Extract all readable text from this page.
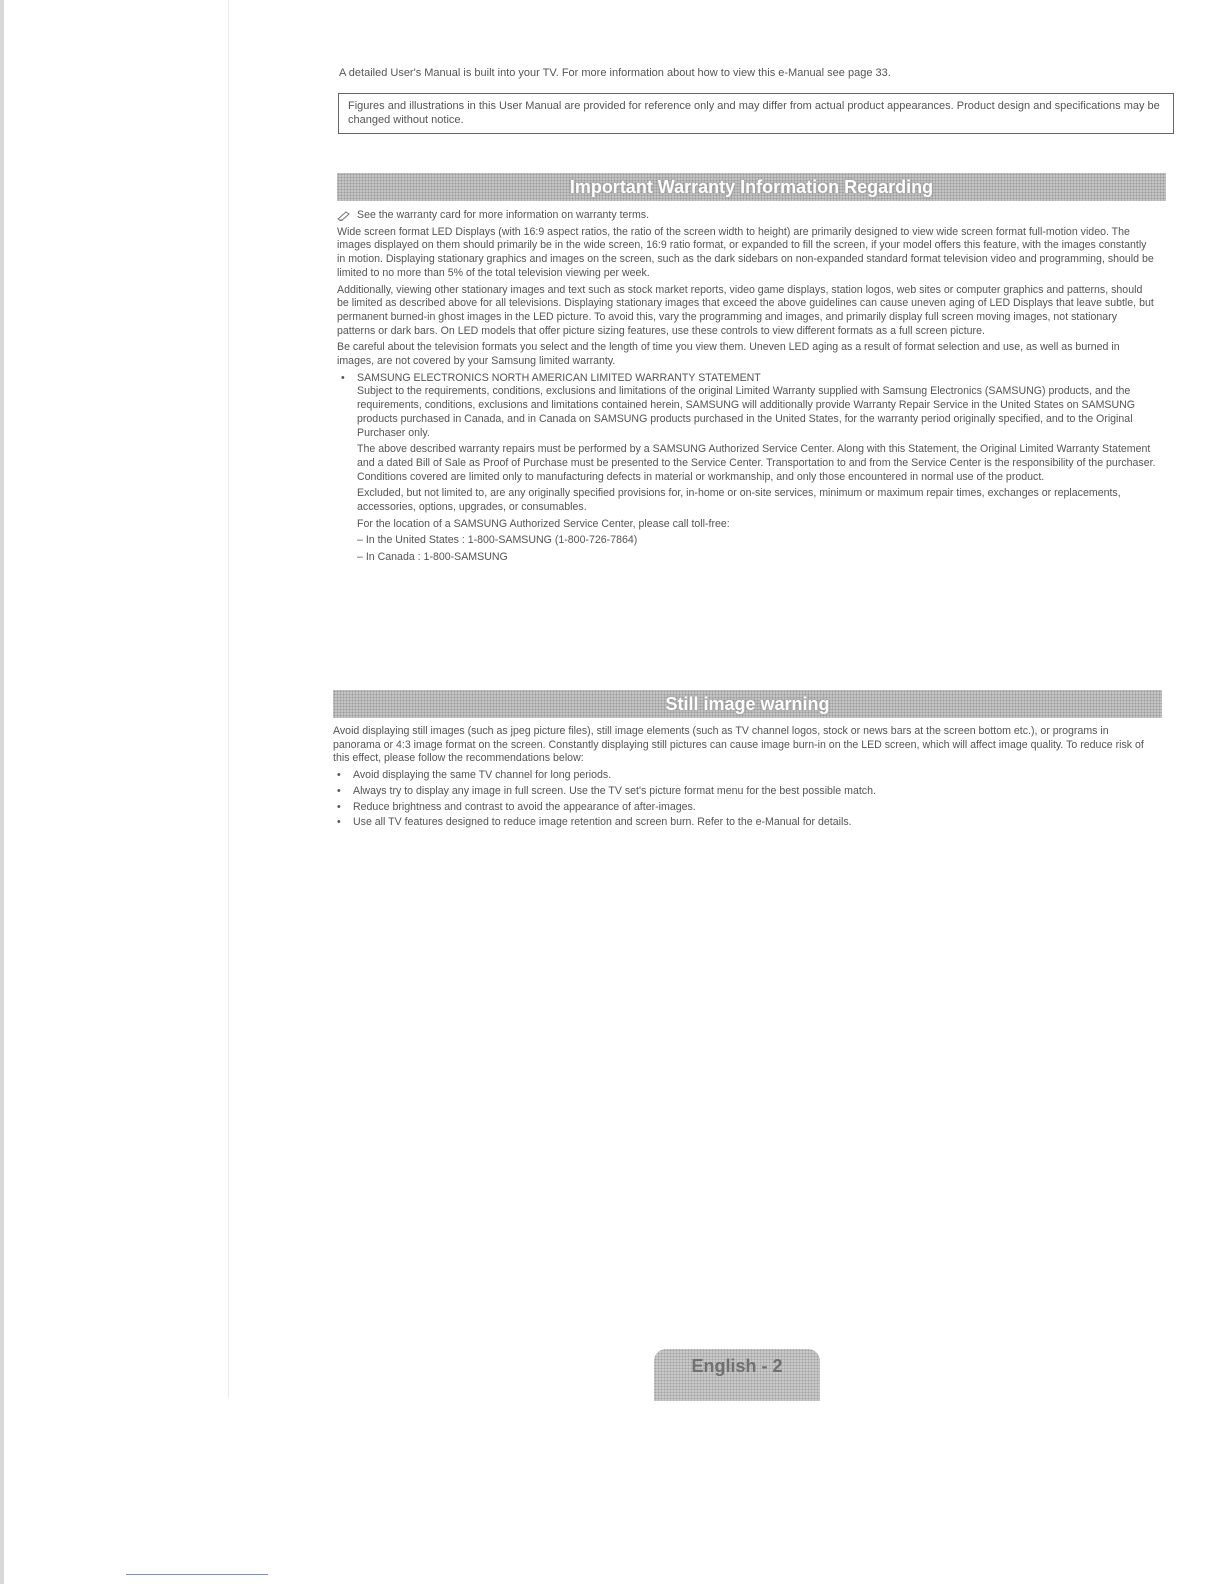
A detailed User's Manual is built into your TV. For more information about how to view this e-Manual see page 33.
Figures and illustrations in this User Manual are provided for reference only and may differ from actual product appearances. Product design and specifications may be changed without notice.
Important Warranty Information Regarding

See the warranty card for more information on warranty terms.

Wide screen format LED Displays (with 16:9 aspect ratios, the ratio of the screen width to height) are primarily designed to view wide screen format full-motion video. The images displayed on them should primarily be in the wide screen, 16:9 ratio format, or expanded to fill the screen, if your model offers this feature, with the images constantly in motion. Displaying stationary graphics and images on the screen, such as the dark sidebars on non-expanded standard format television video and programming, should be limited to no more than 5% of the total television viewing per week.

Additionally, viewing other stationary images and text such as stock market reports, video game displays, station logos, web sites or computer graphics and patterns, should be limited as described above for all televisions. Displaying stationary images that exceed the above guidelines can cause uneven aging of LED Displays that leave subtle, but permanent burned-in ghost images in the LED picture. To avoid this, vary the programming and images, and primarily display full screen moving images, not stationary patterns or dark bars. On LED models that offer picture sizing features, use these controls to view different formats as a full screen picture.

Be careful about the television formats you select and the length of time you view them. Uneven LED aging as a result of format selection and use, as well as burned in images, are not covered by your Samsung limited warranty.

• SAMSUNG ELECTRONICS NORTH AMERICAN LIMITED WARRANTY STATEMENT

Subject to the requirements, conditions, exclusions and limitations of the original Limited Warranty supplied with Samsung Electronics (SAMSUNG) products, and the requirements, conditions, exclusions and limitations contained herein, SAMSUNG will additionally provide Warranty Repair Service in the United States on SAMSUNG products purchased in Canada, and in Canada on SAMSUNG products purchased in the United States, for the warranty period originally specified, and to the Original Purchaser only.

The above described warranty repairs must be performed by a SAMSUNG Authorized Service Center. Along with this Statement, the Original Limited Warranty Statement and a dated Bill of Sale as Proof of Purchase must be presented to the Service Center. Transportation to and from the Service Center is the responsibility of the purchaser. Conditions covered are limited only to manufacturing defects in material or workmanship, and only those encountered in normal use of the product.

Excluded, but not limited to, are any originally specified provisions for, in-home or on-site services, minimum or maximum repair times, exchanges or replacements, accessories, options, upgrades, or consumables.

For the location of a SAMSUNG Authorized Service Center, please call toll-free:

– In the United States : 1-800-SAMSUNG (1-800-726-7864)

– In Canada : 1-800-SAMSUNG

Still image warning

Avoid displaying still images (such as jpeg picture files), still image elements (such as TV channel logos, stock or news bars at the screen bottom etc.), or programs in panorama or 4:3 image format on the screen. Constantly displaying still pictures can cause image burn-in on the LED screen, which will affect image quality. To reduce risk of this effect, please follow the recommendations below:

• Avoid displaying the same TV channel for long periods.
• Always try to display any image in full screen. Use the TV set's picture format menu for the best possible match.
• Reduce brightness and contrast to avoid the appearance of after-images.
• Use all TV features designed to reduce image retention and screen burn. Refer to the e-Manual for details.
English - 2
